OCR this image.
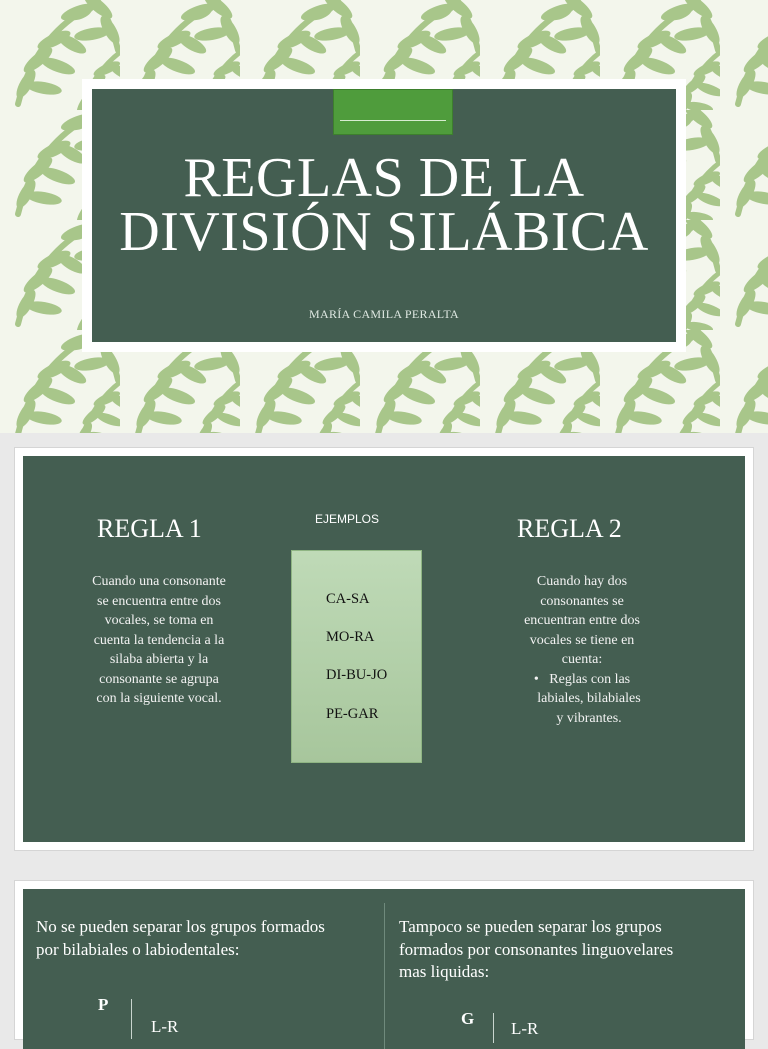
REGLAS DE LA
DIVISIÓN SILÁBICA
MARÍA CAMILA PERALTA
REGLA 1
Cuando una consonante
se encuentra entre dos
vocales, se toma en
cuenta la tendencia a la
silaba abierta y la
consonante se agrupa
con la siguiente vocal.
EJEMPLOS
CA-SA
MO-RA
DI-BU-JO
PE-GAR
REGLA 2
Cuando hay dos
consonantes se
encuentran entre dos
vocales se tiene en
cuenta:
• Reglas con las
labiales, bilabiales
y vibrantes.
No se pueden separar los grupos formados
por bilabiales o labiodentales:
P
L-R
Tampoco se pueden separar los grupos
formados por consonantes linguovelares
mas liquidas:
G
L-R
